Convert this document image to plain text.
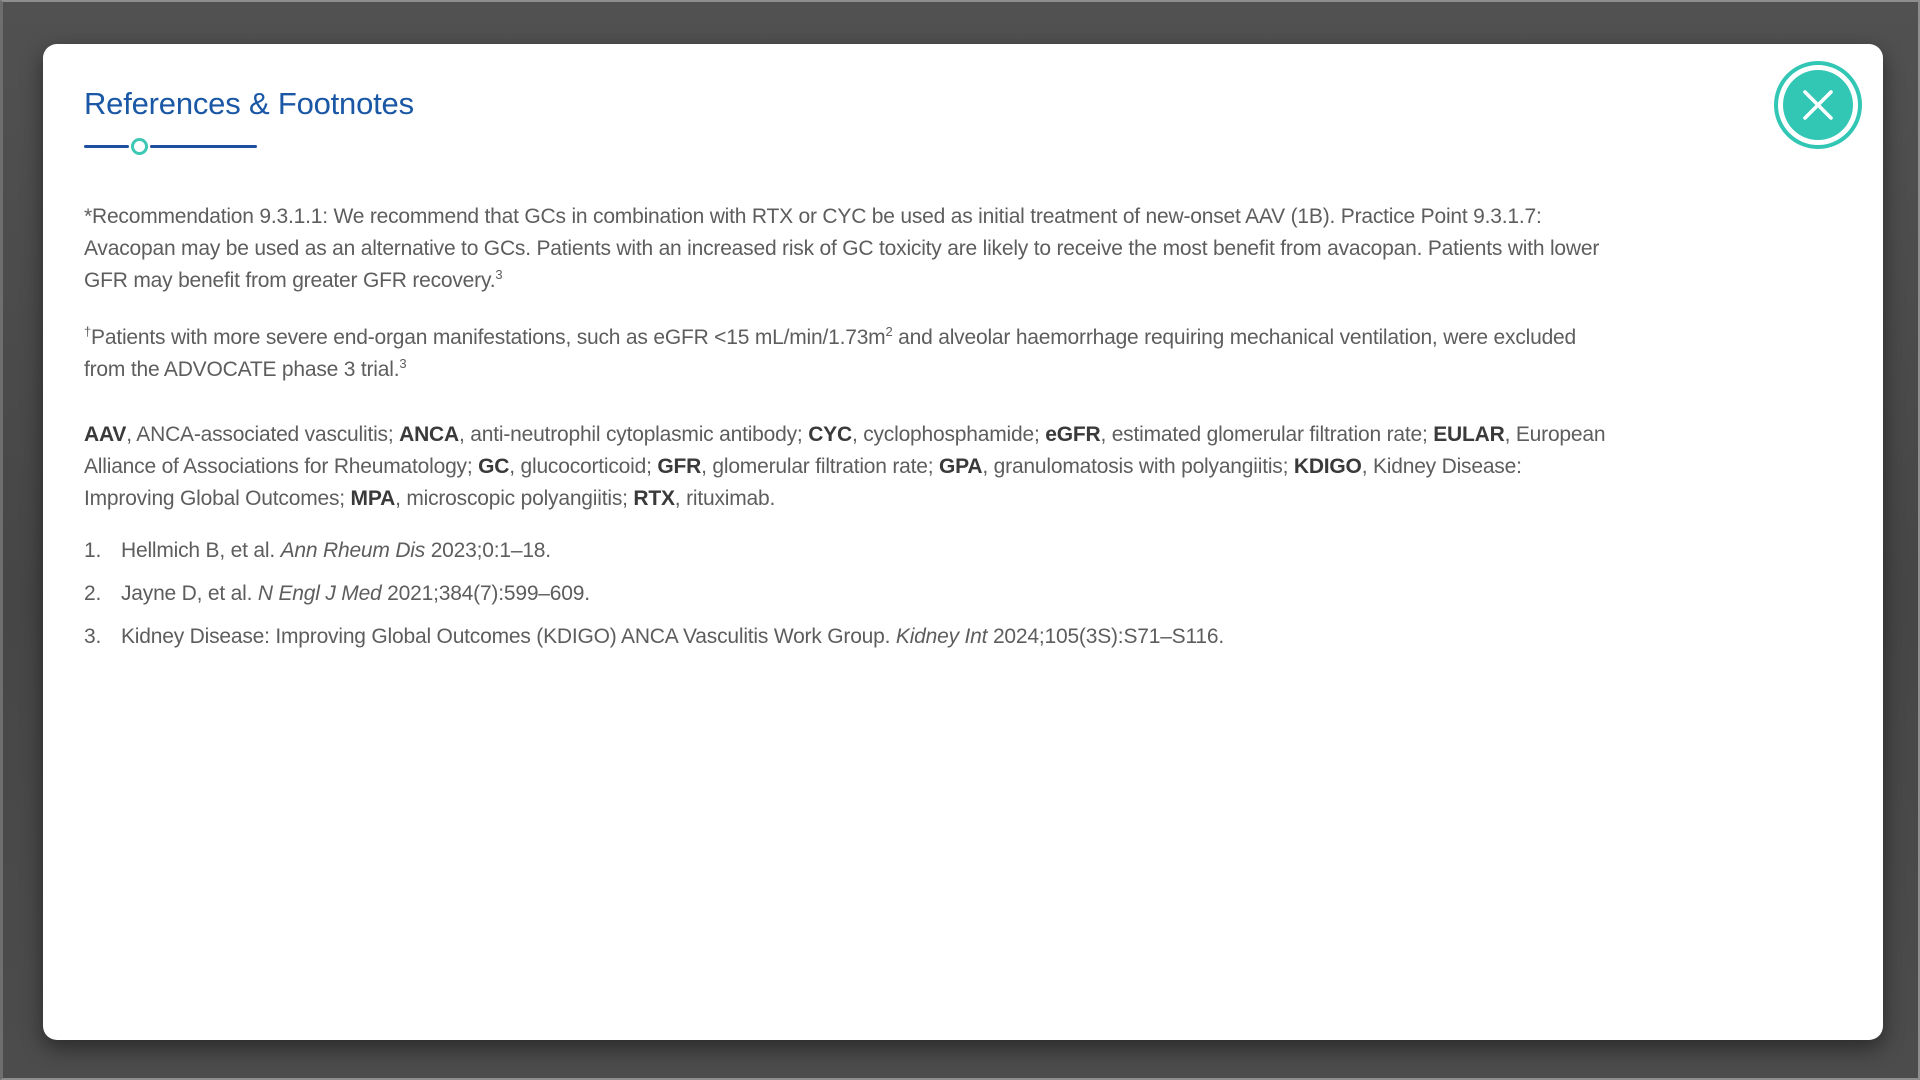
References & Footnotes

*Recommendation 9.3.1.1: We recommend that GCs in combination with RTX or CYC be used as initial treatment of new-onset AAV (1B). Practice Point 9.3.1.7: Avacopan may be used as an alternative to GCs. Patients with an increased risk of GC toxicity are likely to receive the most benefit from avacopan. Patients with lower GFR may benefit from greater GFR recovery.$^3$

†Patients with more severe end-organ manifestations, such as eGFR <15 $mL/\min/1.73m^2$ and alveolar haemorrhage requiring mechanical ventilation, were excluded from the ADVOCATE phase 3 trial.$^3$

AAV, ANCA-associated vasculitis; ANCA, anti-neutrophil cytoplasmic antibody; CYC, cyclophosphamide; eGFR, estimated glomerular filtration rate; EULAR, European Alliance of Associations for Rheumatology; GC, glucocorticoid; GFR, glomerular filtration rate; GPA, granulomatosis with polyangiitis; KDIGO, Kidney Disease: Improving Global Outcomes; MPA, microscopic polyangiitis; RTX, rituximab.

1. Hellmich B, et al. Ann Rheum Dis 2023;0:1–18.
2. Jayne D, et al. N Engl J Med 2021;384(7):599–609.
3. Kidney Disease: Improving Global Outcomes (KDIGO) ANCA Vasculitis Work Group. Kidney Int 2024;105(3S):S71–S116.
